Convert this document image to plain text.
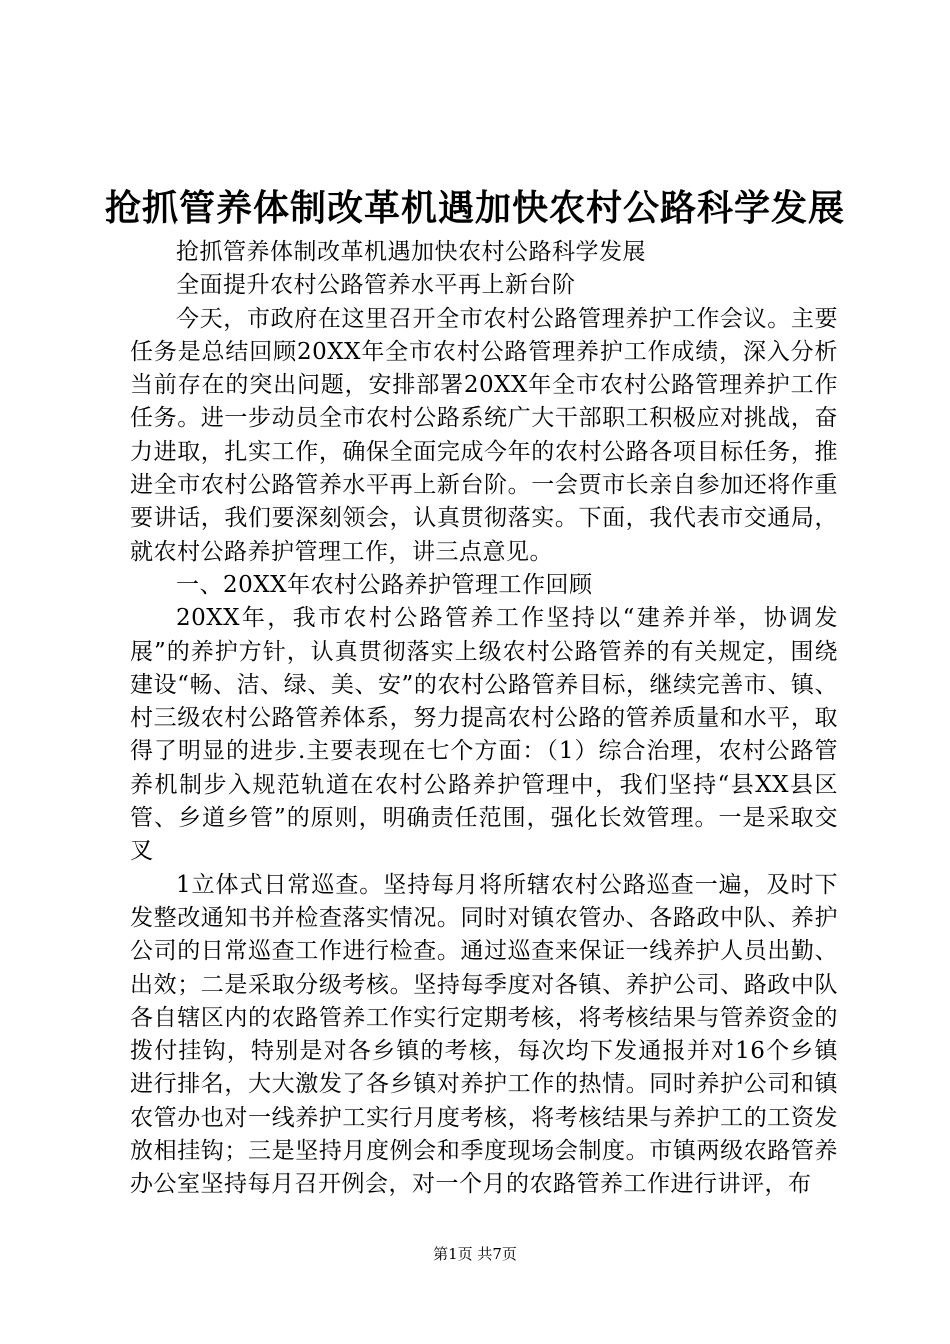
抢抓管养体制改革机遇加快农村公路科学发展

抢抓管养体制改革机遇加快农村公路科学发展

全面提升农村公路管养水平再上新台阶

今天，市政府在这里召开全市农村公路管理养护工作会议。主要任务是总结回顾20XX年全市农村公路管理养护工作成绩，深入分析当前存在的突出问题，安排部署20XX年全市农村公路管理养护工作任务。进一步动员全市农村公路系统广大干部职工积极应对挑战，奋力进取，扎实工作，确保全面完成今年的农村公路各项目标任务，推进全市农村公路管养水平再上新台阶。一会贾市长亲自参加还将作重要讲话，我们要深刻领会，认真贯彻落实。下面，我代表市交通局，就农村公路养护管理工作，讲三点意见。

一、20XX年农村公路养护管理工作回顾

20XX年，我市农村公路管养工作坚持以“建养并举，协调发展”的养护方针，认真贯彻落实上级农村公路管养的有关规定，围绕建设“畅、洁、绿、美、安”的农村公路管养目标，继续完善市、镇、村三级农村公路管养体系，努力提高农村公路的管养质量和水平，取得了明显的进步.主要表现在七个方面：（1）综合治理，农村公路管养机制步入规范轨道在农村公路养护管理中，我们坚持“县XX县区管、乡道乡管”的原则，明确责任范围，强化长效管理。一是采取交叉

1立体式日常巡查。坚持每月将所辖农村公路巡查一遍，及时下发整改通知书并检查落实情况。同时对镇农管办、各路政中队、养护公司的日常巡查工作进行检查。通过巡查来保证一线养护人员出勤、出效；二是采取分级考核。坚持每季度对各镇、养护公司、路政中队各自辖区内的农路管养工作实行定期考核，将考核结果与管养资金的拨付挂钩，特别是对各乡镇的考核，每次均下发通报并对16个乡镇进行排名，大大激发了各乡镇对养护工作的热情。同时养护公司和镇农管办也对一线养护工实行月度考核，将考核结果与养护工的工资发放相挂钩；三是坚持月度例会和季度现场会制度。市镇两级农路管养办公室坚持每月召开例会，对一个月的农路管养工作进行讲评，布

第1页 共7页
